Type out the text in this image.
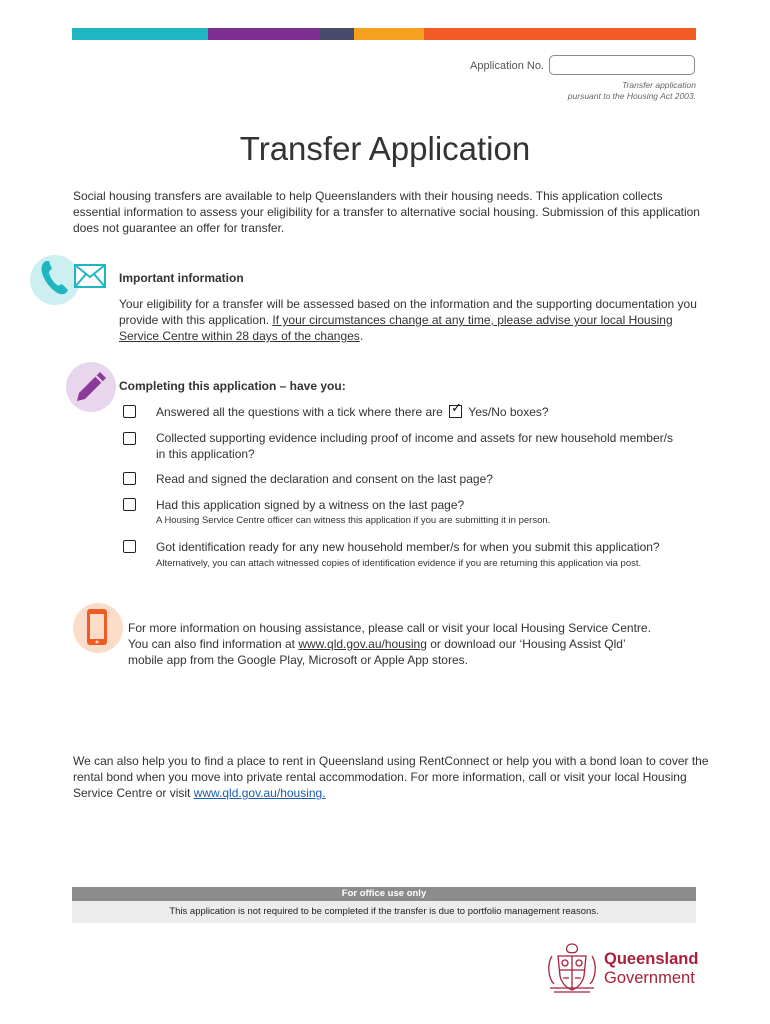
Application No.
Transfer application
pursuant to the Housing Act 2003.
Transfer Application
Social housing transfers are available to help Queenslanders with their housing needs. This application collects essential information to assess your eligibility for a transfer to alternative social housing. Submission of this application does not guarantee an offer for transfer.
Important information
Your eligibility for a transfer will be assessed based on the information and the supporting documentation you provide with this application. If your circumstances change at any time, please advise your local Housing Service Centre within 28 days of the changes.
Completing this application – have you:
Answered all the questions with a tick where there are ✓ Yes/No boxes?
Collected supporting evidence including proof of income and assets for new household member/s in this application?
Read and signed the declaration and consent on the last page?
Had this application signed by a witness on the last page?
A Housing Service Centre officer can witness this application if you are submitting it in person.
Got identification ready for any new household member/s for when you submit this application?
Alternatively, you can attach witnessed copies of identification evidence if you are returning this application via post.
For more information on housing assistance, please call or visit your local Housing Service Centre.
You can also find information at www.qld.gov.au/housing or download our ‘Housing Assist Qld’
mobile app from the Google Play, Microsoft or Apple App stores.
We can also help you to find a place to rent in Queensland using RentConnect or help you with a bond loan to cover the rental bond when you move into private rental accommodation. For more information, call or visit your local Housing Service Centre or visit www.qld.gov.au/housing.
For office use only
This application is not required to be completed if the transfer is due to portfolio management reasons.
Queensland
Government
